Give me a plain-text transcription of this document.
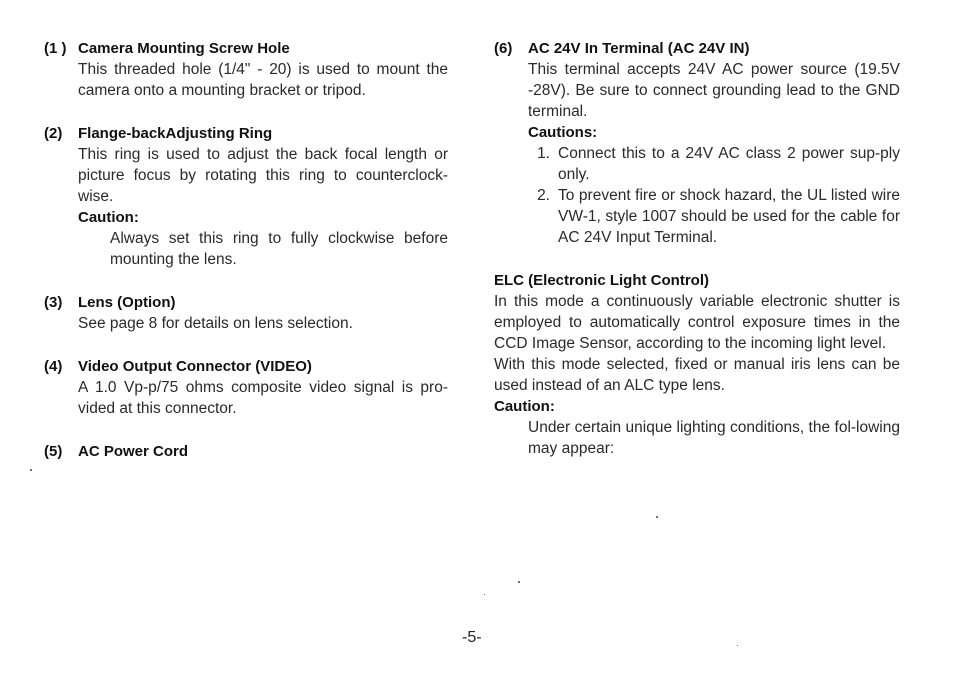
(1 ) Camera Mounting Screw Hole
This threaded hole (1/4" - 20) is used to mount the camera onto a mounting bracket or tripod.
(2)	Flange-backAdjusting Ring
This ring is used to adjust the back focal length or picture focus by rotating this ring to counterclock-wise.
Caution:
Always set this ring to fully clockwise before mounting the lens.
(3)	Lens (Option)
See page 8 for details on lens selection.
(4)	Video Output Connector (VIDEO)
A 1.0 Vp-p/75 ohms composite video signal is pro-vided at this connector.
(5)	AC Power Cord
(6)	AC 24V In Terminal (AC 24V IN)
This terminal accepts 24V AC power source (19.5V -28V). Be sure to connect grounding lead to the GND terminal.
Cautions:
1. Connect this to a 24V AC class 2 power sup-ply only.
2. To prevent fire or shock hazard, the UL listed wire VW-1, style 1007 should be used for the cable for AC 24V Input Terminal.
ELC (Electronic Light Control)
In this mode a continuously variable electronic shutter is employed to automatically control exposure times in the CCD Image Sensor, according to the incoming light level.
With this mode selected, fixed or manual iris lens can be used instead of an ALC type lens.
Caution:
Under certain unique lighting conditions, the fol-lowing may appear:
-5-
